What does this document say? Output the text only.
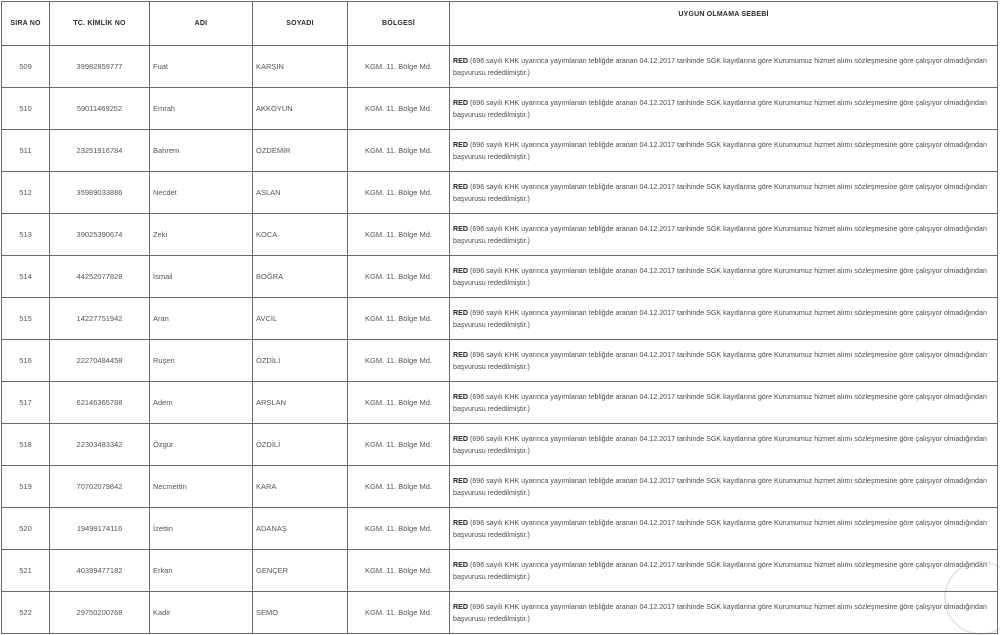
SIRA NO	TC. KİMLİK NO	ADI	SOYADI	BÖLGESİ	UYGUN OLMAMA SEBEBİ
509	39982859777	Fuat	KARŞIN	KGM. 11. Bölge Md.	RED (696 sayılı KHK uyarınca yayımlanan tebliğde aranan 04.12.2017 tarihinde SGK kayıtlarına göre Kurumumuz hizmet alımı sözleşmesine göre çalışıyor olmadığından başvurusu rededilmiştir.)
510	59011469252	Emrah	AKKOYUN	KGM. 11. Bölge Md.	RED (696 sayılı KHK uyarınca yayımlanan tebliğde aranan 04.12.2017 tarihinde SGK kayıtlarına göre Kurumumuz hizmet alımı sözleşmesine göre çalışıyor olmadığından başvurusu rededilmiştir.)
511	23251916784	Bahrem	ÖZDEMİR	KGM. 11. Bölge Md.	RED (696 sayılı KHK uyarınca yayımlanan tebliğde aranan 04.12.2017 tarihinde SGK kayıtlarına göre Kurumumuz hizmet alımı sözleşmesine göre çalışıyor olmadığından başvurusu rededilmiştir.)
512	35989033886	Necdet	ASLAN	KGM. 11. Bölge Md.	RED (696 sayılı KHK uyarınca yayımlanan tebliğde aranan 04.12.2017 tarihinde SGK kayıtlarına göre Kurumumuz hizmet alımı sözleşmesine göre çalışıyor olmadığından başvurusu rededilmiştir.)
513	39025390674	Zeki	KOCA	KGM. 11. Bölge Md.	RED (696 sayılı KHK uyarınca yayımlanan tebliğde aranan 04.12.2017 tarihinde SGK kayıtlarına göre Kurumumuz hizmet alımı sözleşmesine göre çalışıyor olmadığından başvurusu rededilmiştir.)
514	44252077828	İsmail	BOĞRA	KGM. 11. Bölge Md.	RED (696 sayılı KHK uyarınca yayımlanan tebliğde aranan 04.12.2017 tarihinde SGK kayıtlarına göre Kurumumuz hizmet alımı sözleşmesine göre çalışıyor olmadığından başvurusu rededilmiştir.)
515	14227751942	Aran	AVCİL	KGM. 11. Bölge Md.	RED (696 sayılı KHK uyarınca yayımlanan tebliğde aranan 04.12.2017 tarihinde SGK kayıtlarına göre Kurumumuz hizmet alımı sözleşmesine göre çalışıyor olmadığından başvurusu rededilmiştir.)
516	22270484458	Ruşen	ÖZDİLİ	KGM. 11. Bölge Md.	RED (696 sayılı KHK uyarınca yayımlanan tebliğde aranan 04.12.2017 tarihinde SGK kayıtlarına göre Kurumumuz hizmet alımı sözleşmesine göre çalışıyor olmadığından başvurusu rededilmiştir.)
517	62146365788	Adem	ARSLAN	KGM. 11. Bölge Md.	RED (696 sayılı KHK uyarınca yayımlanan tebliğde aranan 04.12.2017 tarihinde SGK kayıtlarına göre Kurumumuz hizmet alımı sözleşmesine göre çalışıyor olmadığından başvurusu rededilmiştir.)
518	22303483342	Özgür	ÖZDİLİ	KGM. 11. Bölge Md.	RED (696 sayılı KHK uyarınca yayımlanan tebliğde aranan 04.12.2017 tarihinde SGK kayıtlarına göre Kurumumuz hizmet alımı sözleşmesine göre çalışıyor olmadığından başvurusu rededilmiştir.)
519	70702079842	Necmettin	KARA	KGM. 11. Bölge Md.	RED (696 sayılı KHK uyarınca yayımlanan tebliğde aranan 04.12.2017 tarihinde SGK kayıtlarına göre Kurumumuz hizmet alımı sözleşmesine göre çalışıyor olmadığından başvurusu rededilmiştir.)
520	19499174116	İzettin	ADANAŞ	KGM. 11. Bölge Md.	RED (696 sayılı KHK uyarınca yayımlanan tebliğde aranan 04.12.2017 tarihinde SGK kayıtlarına göre Kurumumuz hizmet alımı sözleşmesine göre çalışıyor olmadığından başvurusu rededilmiştir.)
521	40399477182	Erkan	GENÇER	KGM. 11. Bölge Md.	RED (696 sayılı KHK uyarınca yayımlanan tebliğde aranan 04.12.2017 tarihinde SGK kayıtlarına göre Kurumumuz hizmet alımı sözleşmesine göre çalışıyor olmadığından başvurusu rededilmiştir.)
522	29750200768	Kadir	SEMO	KGM. 11. Bölge Md.	RED (696 sayılı KHK uyarınca yayımlanan tebliğde aranan 04.12.2017 tarihinde SGK kayıtlarına göre Kurumumuz hizmet alımı sözleşmesine göre çalışıyor olmadığından başvurusu rededilmiştir.)
